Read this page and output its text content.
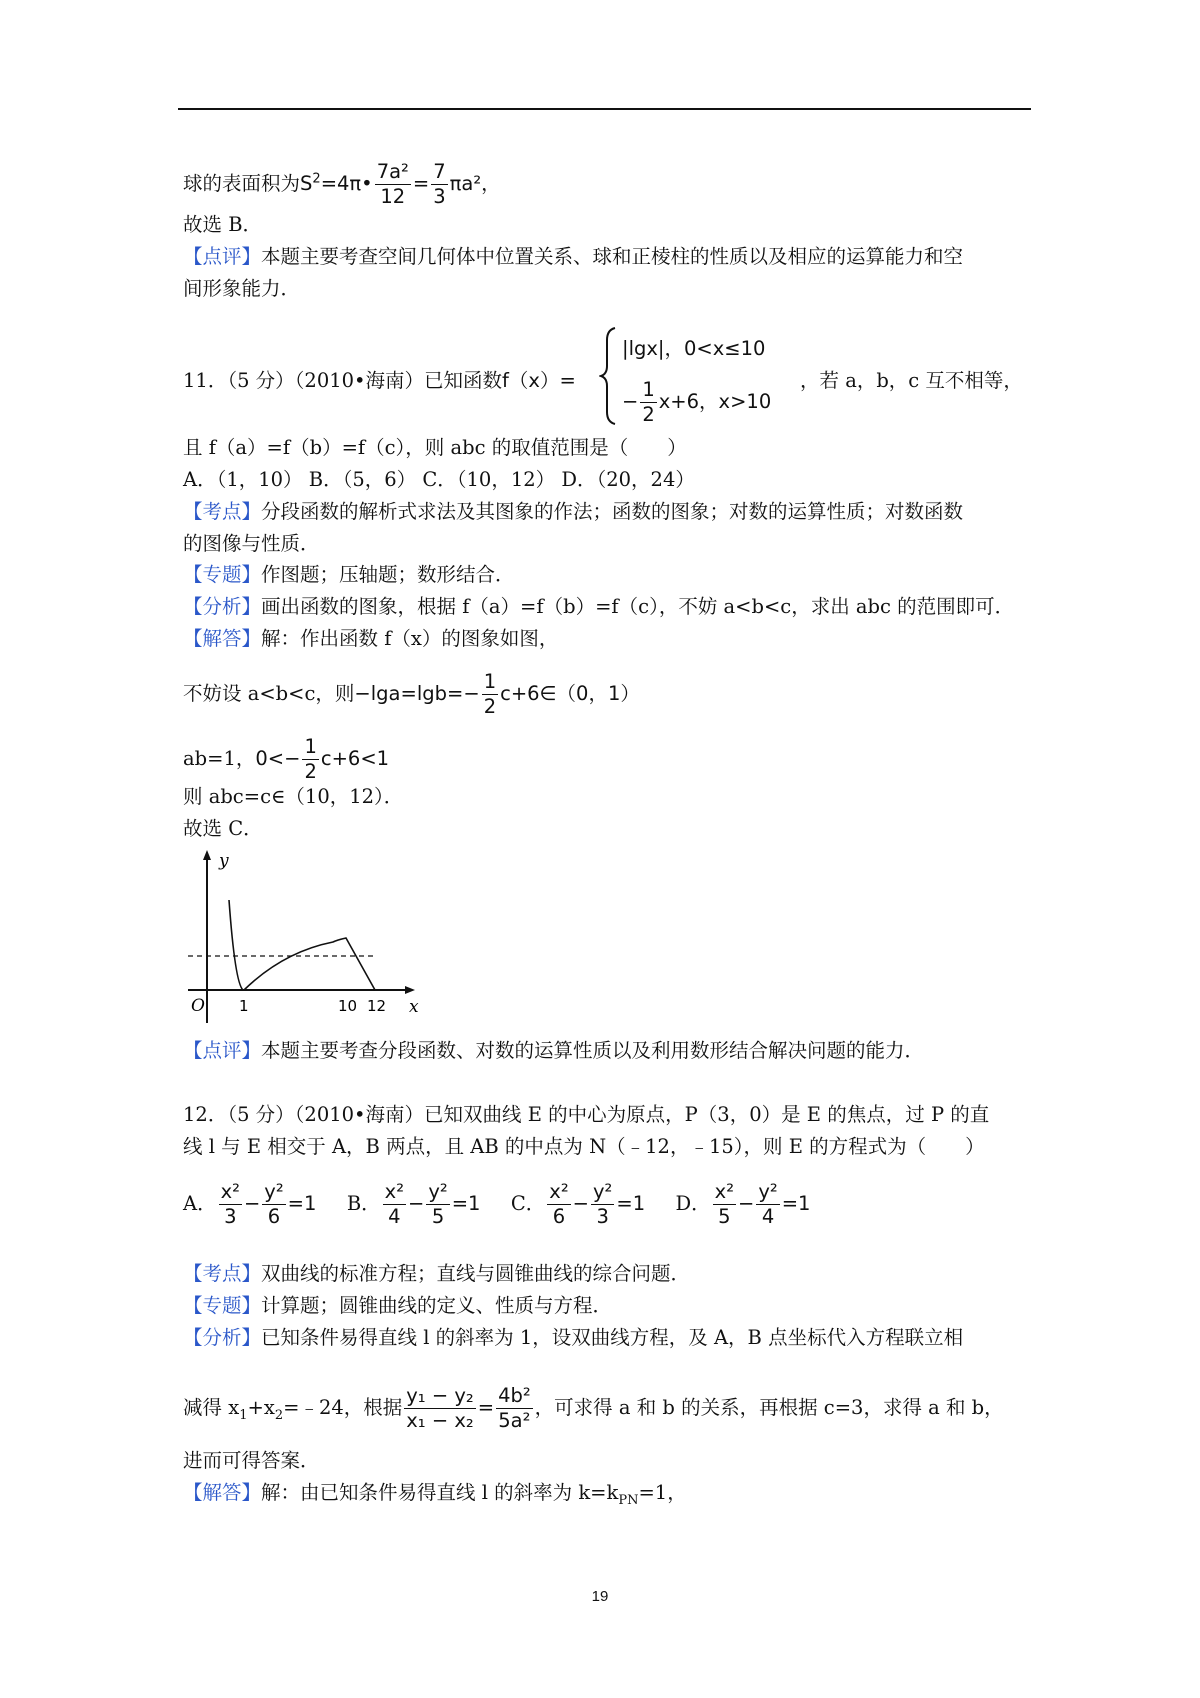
球的表面积为$S^2=4\pi• \frac{\text{7a²}}{12} = \frac{7}{3} \pi a^2$，
故选 B．
【点评】本题主要考查空间几何体中位置关系、球和正棱柱的性质以及相应的运算能力和空
间形象能力．
11．（5 分）（2010•海南）已知函数f（x）=
|lgx|，0<x≤10
− $\frac{1}{2} x+6$，x>10
，若 a，b，c 互不相等，
且 f（a）=f（b）=f（c），则 abc 的取值范围是（　　）
A．（1，10） B．（5，6） C．（10，12） D．（20，24）
【考点】分段函数的解析式求法及其图象的作法；函数的图象；对数的运算性质；对数函数
的图像与性质．
【专题】作图题；压轴题；数形结合．
【分析】画出函数的图象，根据 f（a）=f（b）=f（c），不妨 a<b<c，求出 abc 的范围即可．
【解答】解：作出函数 f（x）的图象如图，
不妨设 a<b<c，则$-\lg a=\lg b=- \frac{1}{2}$ c+6∈（0，1）
ab=1，$0<- \frac{1}{2} c+6<1$
则 abc=c∈（10，12）．
故选 C．
y
x
O 1	10 12
【点评】本题主要考查分段函数、对数的运算性质以及利用数形结合解决问题的能力．
12．（5 分）（2010•海南）已知双曲线 E 的中心为原点，P（3，0）是 E 的焦点，过 P 的直
线 l 与 E 相交于 A，B 两点，且 AB 的中点为 N（﹣12，﹣15），则 E 的方程式为（　　）
A． $\frac{\text{x²}}{3} - \frac{\text{y²}}{6} =1$ B． $\frac{\text{x²}}{4} - \frac{\text{y²}}{5} =1$ C． $\frac{\text{x²}}{6} - \frac{\text{y²}}{3} =1$ D． $\frac{\text{x²}}{5} - \frac{\text{y²}}{4} =1$
【考点】双曲线的标准方程；直线与圆锥曲线的综合问题．
【专题】计算题；圆锥曲线的定义、性质与方程．
【分析】已知条件易得直线 l 的斜率为 1，设双曲线方程，及 A，B 点坐标代入方程联立相
减得 $x_1+x_2=﹣24$，根据 $\frac{\text{y₁ − y₂}}{\text{x₁ − x₂}} = \frac{\text{4b²}}{\text{5a²}}$ ，可求得 a 和 b 的关系，再根据 c=3，求得 a 和 b，
进而可得答案．
【解答】解：由已知条件易得直线 l 的斜率为 $k=k_{PN}=1$，
19
